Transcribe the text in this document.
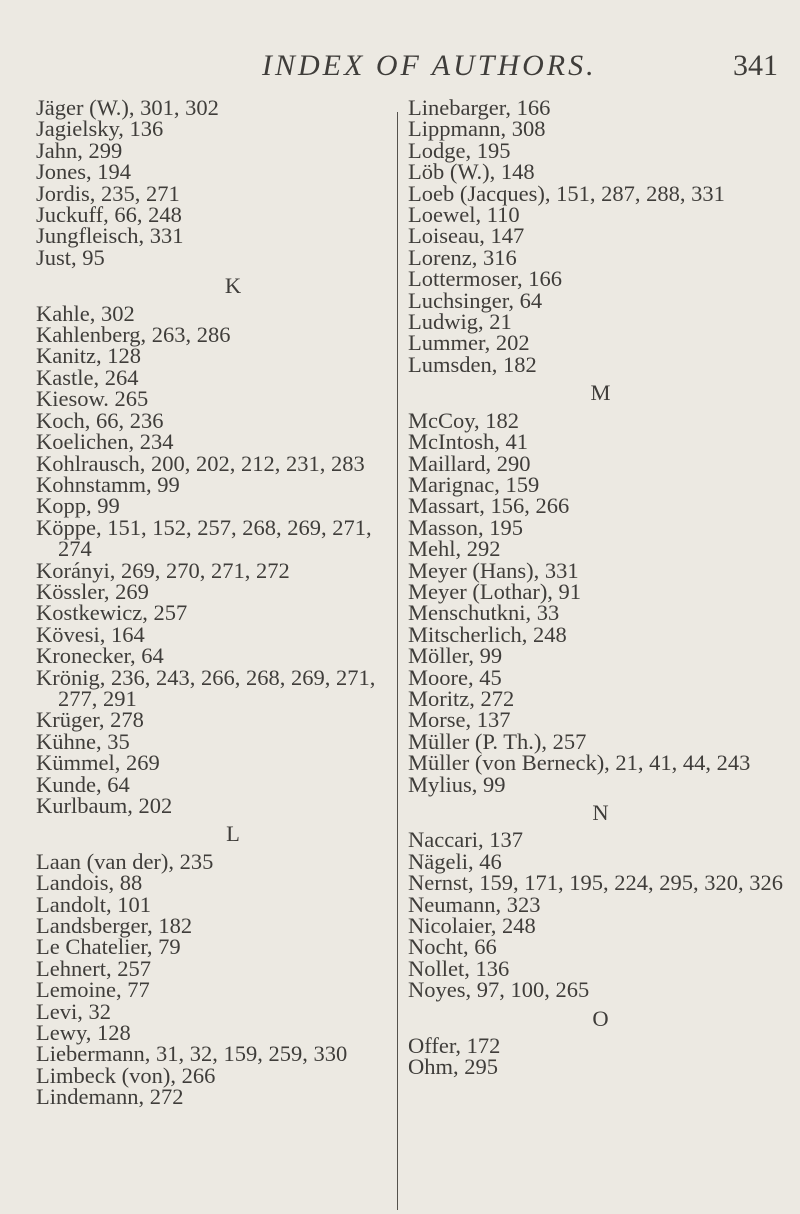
INDEX OF AUTHORS.	341
Jäger (W.), 301, 302
Jagielsky, 136
Jahn, 299
Jones, 194
Jordis, 235, 271
Juckuff, 66, 248
Jungfleisch, 331
Just, 95
K
Kahle, 302
Kahlenberg, 263, 286
Kanitz, 128
Kastle, 264
Kiesow. 265
Koch, 66, 236
Koelichen, 234
Kohlrausch, 200, 202, 212, 231, 283
Kohnstamm, 99
Kopp, 99
Köppe, 151, 152, 257, 268, 269, 271, 274
Korányi, 269, 270, 271, 272
Kössler, 269
Kostkewicz, 257
Kövesi, 164
Kronecker, 64
Krönig, 236, 243, 266, 268, 269, 271, 277, 291
Krüger, 278
Kühne, 35
Kümmel, 269
Kunde, 64
Kurlbaum, 202
L
Laan (van der), 235
Landois, 88
Landolt, 101
Landsberger, 182
Le Chatelier, 79
Lehnert, 257
Lemoine, 77
Levi, 32
Lewy, 128
Liebermann, 31, 32, 159, 259, 330
Limbeck (von), 266
Lindemann, 272
Linebarger, 166
Lippmann, 308
Lodge, 195
Löb (W.), 148
Loeb (Jacques), 151, 287, 288, 331
Loewel, 110
Loiseau, 147
Lorenz, 316
Lottermoser, 166
Luchsinger, 64
Ludwig, 21
Lummer, 202
Lumsden, 182
M
McCoy, 182
McIntosh, 41
Maillard, 290
Marignac, 159
Massart, 156, 266
Masson, 195
Mehl, 292
Meyer (Hans), 331
Meyer (Lothar), 91
Menschutkni, 33
Mitscherlich, 248
Möller, 99
Moore, 45
Moritz, 272
Morse, 137
Müller (P. Th.), 257
Müller (von Berneck), 21, 41, 44, 243
Mylius, 99
N
Naccari, 137
Nägeli, 46
Nernst, 159, 171, 195, 224, 295, 320, 326
Neumann, 323
Nicolaier, 248
Nocht, 66
Nollet, 136
Noyes, 97, 100, 265
O
Offer, 172
Ohm, 295
